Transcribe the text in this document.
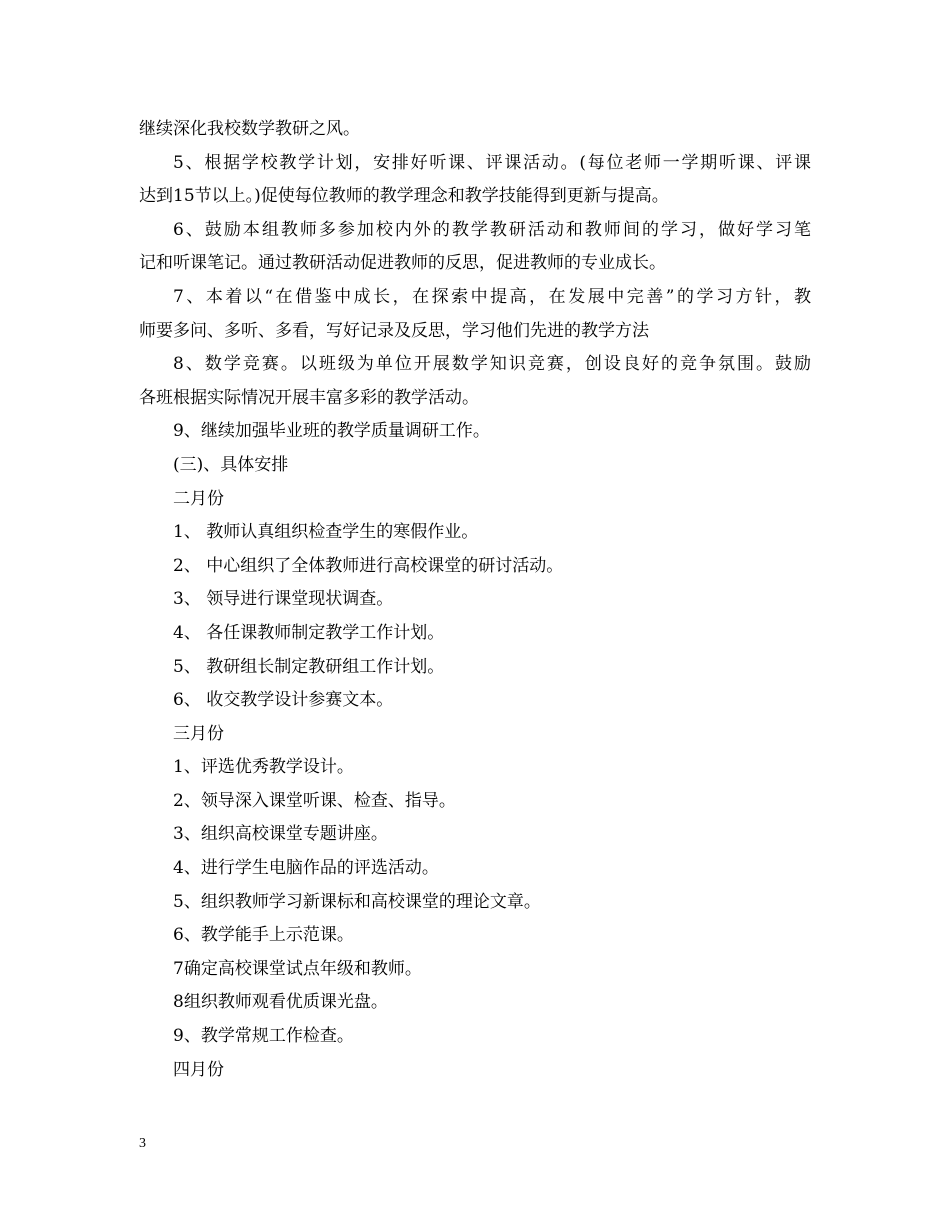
继续深化我校数学教研之风。
5、根据学校教学计划，安排好听课、评课活动。(每位老师一学期听课、评课
达到15节以上。)促使每位教师的教学理念和教学技能得到更新与提高。
6、鼓励本组教师多参加校内外的教学教研活动和教师间的学习，做好学习笔
记和听课笔记。通过教研活动促进教师的反思，促进教师的专业成长。
7、本着以“在借鉴中成长，在探索中提高，在发展中完善”的学习方针，教
师要多问、多听、多看，写好记录及反思，学习他们先进的教学方法
8、数学竞赛。以班级为单位开展数学知识竞赛，创设良好的竞争氛围。鼓励
各班根据实际情况开展丰富多彩的教学活动。
9、继续加强毕业班的教学质量调研工作。
(三)、具体安排
二月份
1、 教师认真组织检查学生的寒假作业。
2、 中心组织了全体教师进行高校课堂的研讨活动。
3、 领导进行课堂现状调查。
4、 各任课教师制定教学工作计划。
5、 教研组长制定教研组工作计划。
6、 收交教学设计参赛文本。
三月份
1、评选优秀教学设计。
2、领导深入课堂听课、检查、指导。
3、组织高校课堂专题讲座。
4、进行学生电脑作品的评选活动。
5、组织教师学习新课标和高校课堂的理论文章。
6、教学能手上示范课。
7确定高校课堂试点年级和教师。
8组织教师观看优质课光盘。
9、教学常规工作检查。
四月份
3
